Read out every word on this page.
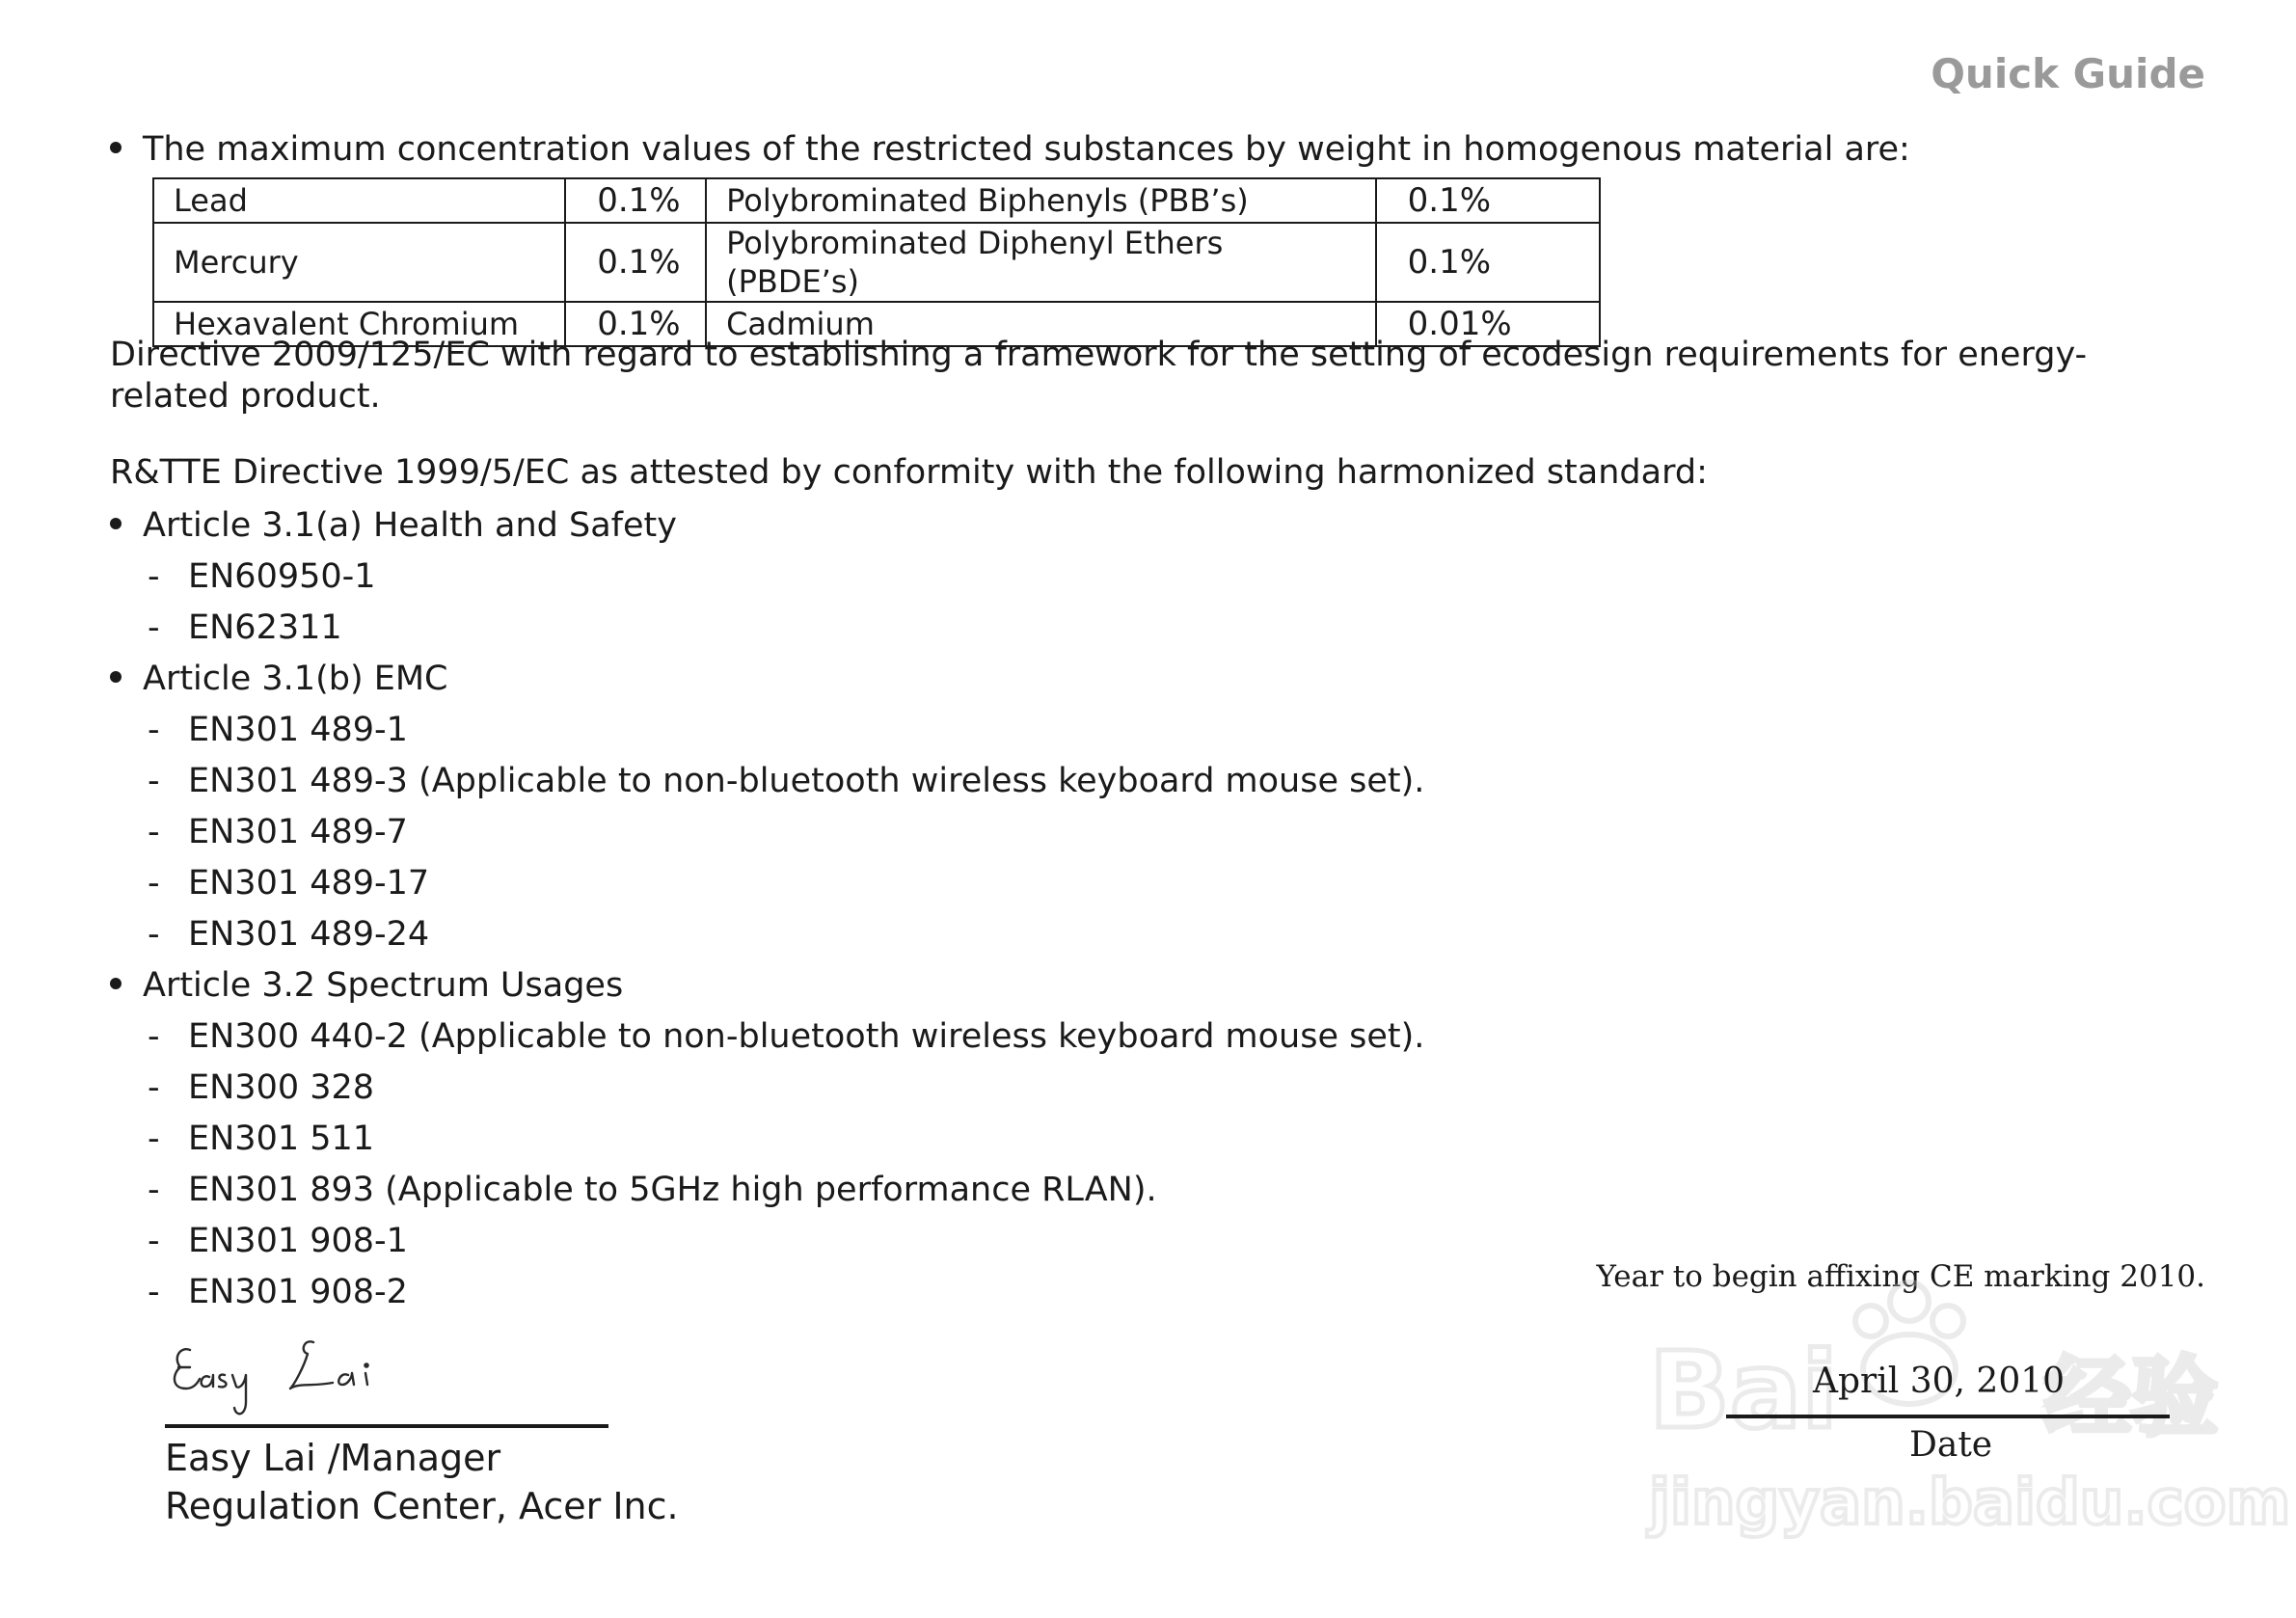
Quick Guide
The maximum concentration values of the restricted substances by weight in homogenous material are:
Lead	0.1%	Polybrominated Biphenyls (PBB’s)	0.1%
Mercury	0.1%	Polybrominated Diphenyl Ethers (PBDE’s)	0.1%
Hexavalent Chromium	0.1%	Cadmium	0.01%
Directive 2009/125/EC with regard to establishing a framework for the setting of ecodesign requirements for energy-related product.
R&TTE Directive 1999/5/EC as attested by conformity with the following harmonized standard:
Article 3.1(a) Health and Safety
- EN60950-1
- EN62311
Article 3.1(b) EMC
- EN301 489-1
- EN301 489-3 (Applicable to non-bluetooth wireless keyboard mouse set).
- EN301 489-7
- EN301 489-17
- EN301 489-24
Article 3.2 Spectrum Usages
- EN300 440-2 (Applicable to non-bluetooth wireless keyboard mouse set).
- EN300 328
- EN301 511
- EN301 893 (Applicable to 5GHz high performance RLAN).
- EN301 908-1
- EN301 908-2
Easy Lai /Manager
Regulation Center, Acer Inc.
Year to begin affixing CE marking 2010.
Bai 经验
jingyan.baidu.com
April 30, 2010
Date
